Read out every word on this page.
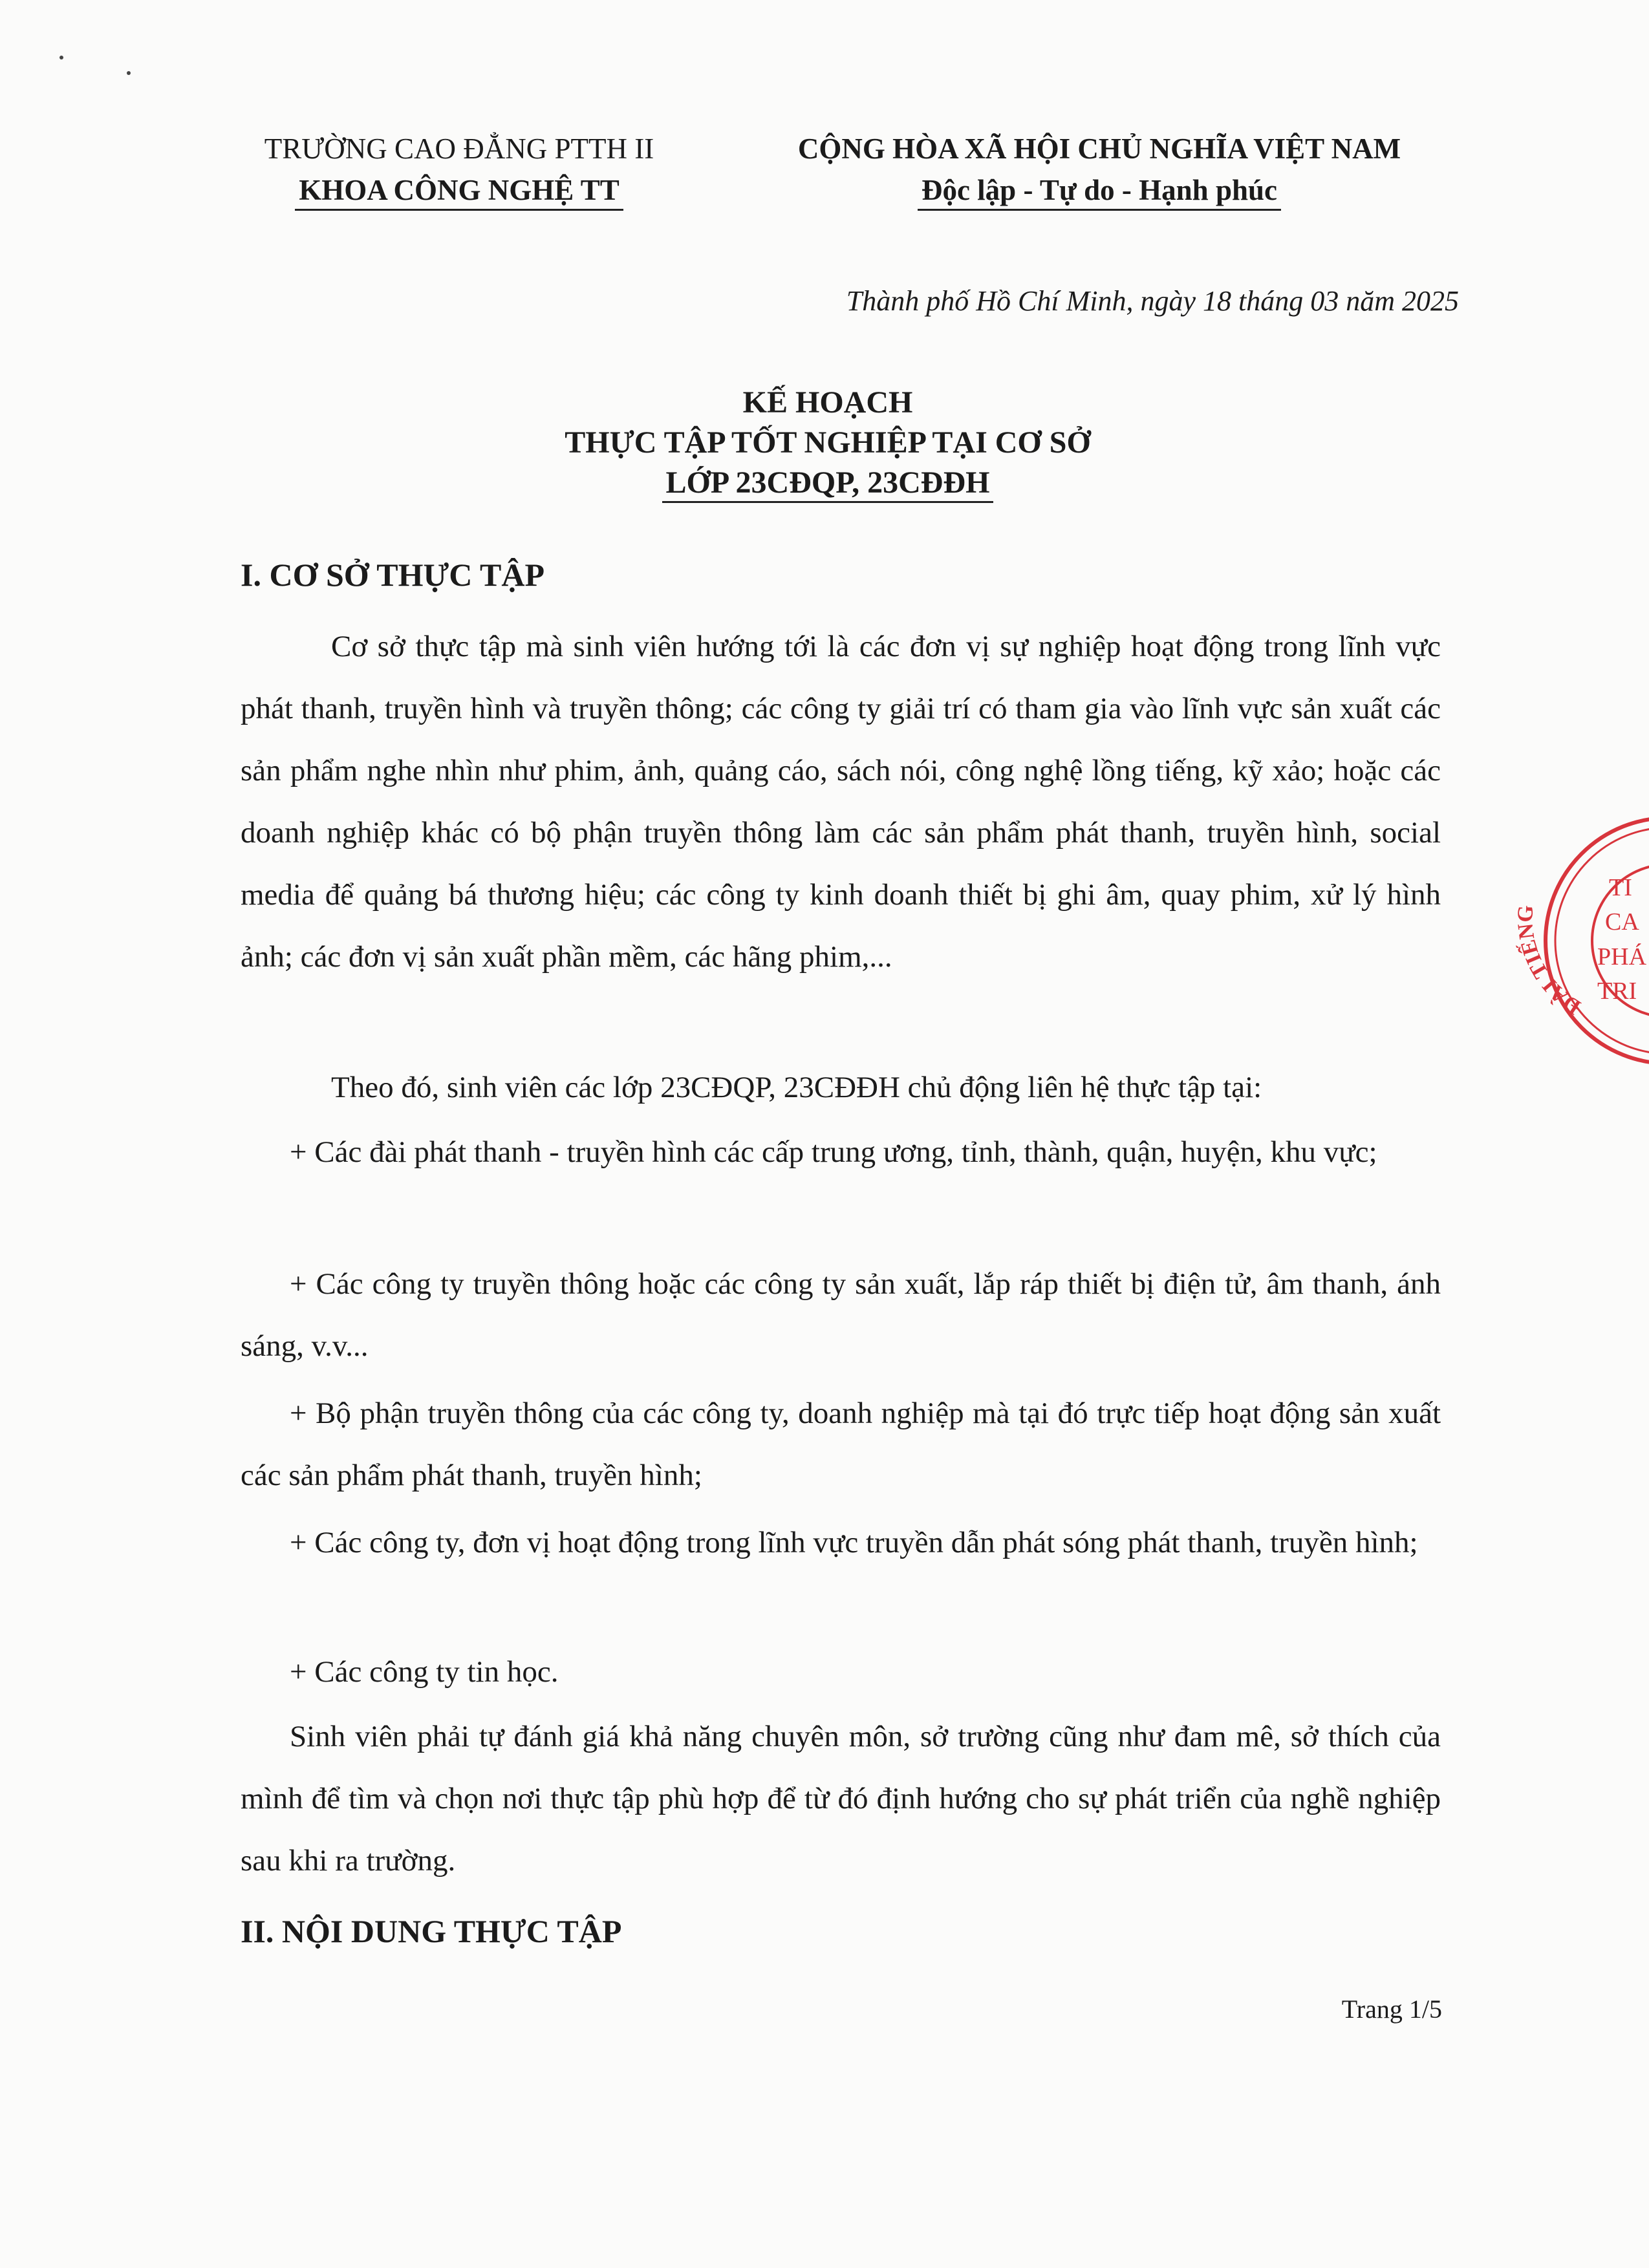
TRƯỜNG CAO ĐẲNG PTTH II
KHOA CÔNG NGHỆ TT
CỘNG HÒA XÃ HỘI CHỦ NGHĨA VIỆT NAM
Độc lập - Tự do - Hạnh phúc
Thành phố Hồ Chí Minh, ngày 18 tháng 03 năm 2025
KẾ HOẠCH
THỰC TẬP TỐT NGHIỆP TẠI CƠ SỞ
LỚP 23CĐQP, 23CĐĐH
I. CƠ SỞ THỰC TẬP
Cơ sở thực tập mà sinh viên hướng tới là các đơn vị sự nghiệp hoạt động trong lĩnh vực phát thanh, truyền hình và truyền thông; các công ty giải trí có tham gia vào lĩnh vực sản xuất các sản phẩm nghe nhìn như phim, ảnh, quảng cáo, sách nói, công nghệ lồng tiếng, kỹ xảo; hoặc các doanh nghiệp khác có bộ phận truyền thông làm các sản phẩm phát thanh, truyền hình, social media để quảng bá thương hiệu; các công ty kinh doanh thiết bị ghi âm, quay phim, xử lý hình ảnh; các đơn vị sản xuất phần mềm, các hãng phim,...
Theo đó, sinh viên các lớp 23CĐQP, 23CĐĐH chủ động liên hệ thực tập tại:
+ Các đài phát thanh - truyền hình các cấp trung ương, tỉnh, thành, quận, huyện, khu vực;
+ Các công ty truyền thông hoặc các công ty sản xuất, lắp ráp thiết bị điện tử, âm thanh, ánh sáng, v.v...
+ Bộ phận truyền thông của các công ty, doanh nghiệp mà tại đó trực tiếp hoạt động sản xuất các sản phẩm phát thanh, truyền hình;
+ Các công ty, đơn vị hoạt động trong lĩnh vực truyền dẫn phát sóng phát thanh, truyền hình;
+ Các công ty tin học.
Sinh viên phải tự đánh giá khả năng chuyên môn, sở trường cũng như đam mê, sở thích của mình để tìm và chọn nơi thực tập phù hợp để từ đó định hướng cho sự phát triển của nghề nghiệp sau khi ra trường.
II. NỘI DUNG THỰC TẬP
Trang 1/5
ĐÀI TIẾNG
TI
CA
PHÁ
TRI
